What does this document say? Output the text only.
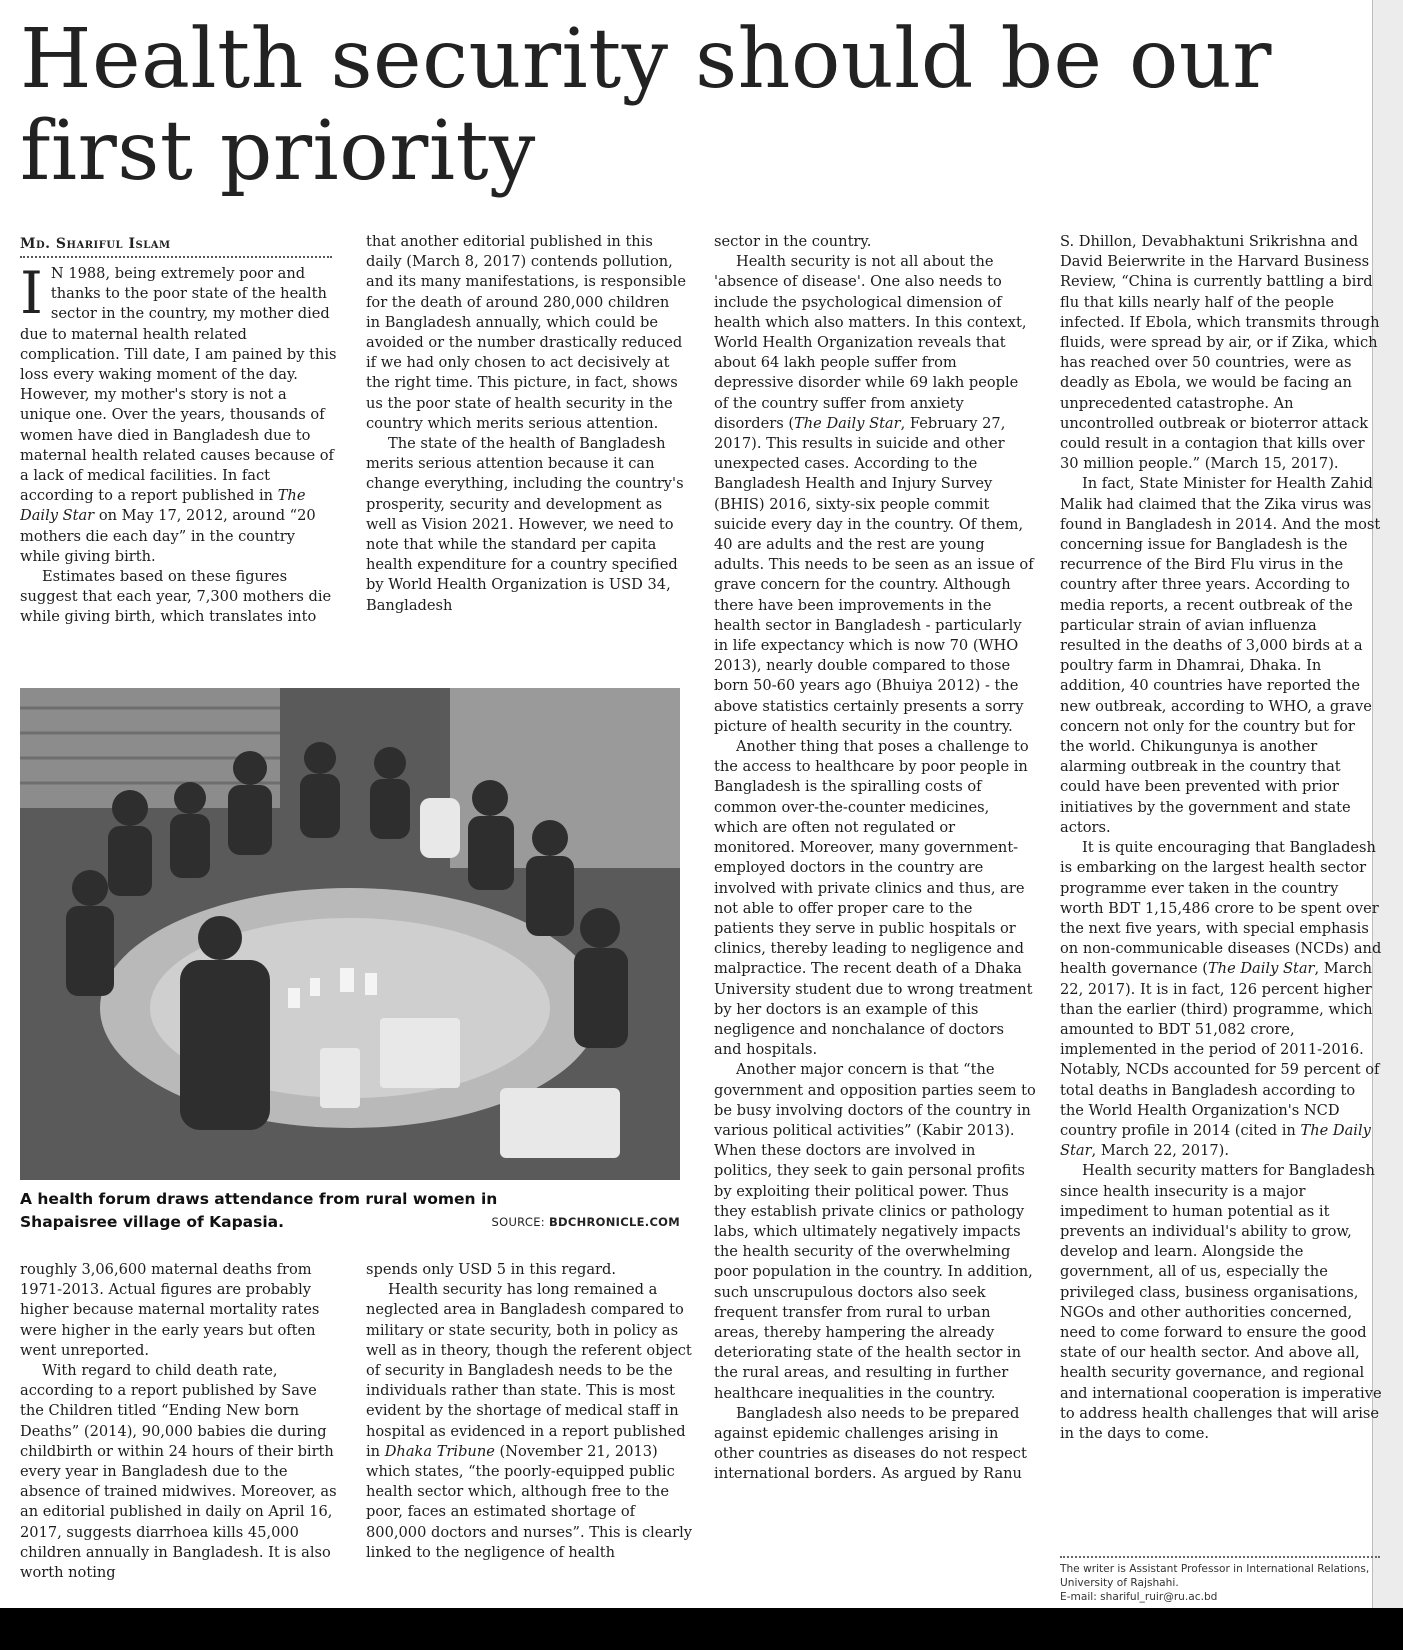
Health security should be our first priority
Md. Shariful Islam

I N 1988, being extremely poor and thanks to the poor state of the health sector in the country, my mother died due to maternal health related complication. Till date, I am pained by this loss every waking moment of the day. However, my mother's story is not a unique one. Over the years, thousands of women have died in Bangladesh due to maternal health related causes because of a lack of medical facilities. In fact according to a report published in The Daily Star on May 17, 2012, around “20 mothers die each day” in the country while giving birth.

Estimates based on these figures suggest that each year, 7,300 mothers die while giving birth, which translates into

that another editorial published in this daily (March 8, 2017) contends pollution, and its many manifestations, is responsible for the death of around 280,000 children in Bangladesh annually, which could be avoided or the number drastically reduced if we had only chosen to act decisively at the right time. This picture, in fact, shows us the poor state of health security in the country which merits serious attention.

The state of the health of Bangladesh merits serious attention because it can change everything, including the country's prosperity, security and development as well as Vision 2021. However, we need to note that while the standard per capita health expenditure for a country specified by World Health Organization is USD 34, Bangladesh

A health forum draws attendance from rural women in Shapaisree village of Kapasia.	SOURCE: BDCHRONICLE.COM

roughly 3,06,600 maternal deaths from 1971-2013. Actual figures are probably higher because maternal mortality rates were higher in the early years but often went unreported.

With regard to child death rate, according to a report published by Save the Children titled “Ending New born Deaths” (2014), 90,000 babies die during childbirth or within 24 hours of their birth every year in Bangladesh due to the absence of trained midwives. Moreover, as an editorial published in daily on April 16, 2017, suggests diarrhoea kills 45,000 children annually in Bangladesh. It is also worth noting

spends only USD 5 in this regard.

Health security has long remained a neglected area in Bangladesh compared to military or state security, both in policy as well as in theory, though the referent object of security in Bangladesh needs to be the individuals rather than state. This is most evident by the shortage of medical staff in hospital as evidenced in a report published in Dhaka Tribune (November 21, 2013) which states, “the poorly-equipped public health sector which, although free to the poor, faces an estimated shortage of 800,000 doctors and nurses”. This is clearly linked to the negligence of health

sector in the country.

Health security is not all about the 'absence of disease'. One also needs to include the psychological dimension of health which also matters. In this context, World Health Organization reveals that about 64 lakh people suffer from depressive disorder while 69 lakh people of the country suffer from anxiety disorders (The Daily Star, February 27, 2017). This results in suicide and other unexpected cases. According to the Bangladesh Health and Injury Survey (BHIS) 2016, sixty-six people commit suicide every day in the country. Of them, 40 are adults and the rest are young adults. This needs to be seen as an issue of grave concern for the country. Although there have been improvements in the health sector in Bangladesh - particularly in life expectancy which is now 70 (WHO 2013), nearly double compared to those born 50-60 years ago (Bhuiya 2012) - the above statistics certainly presents a sorry picture of health security in the country.

Another thing that poses a challenge to the access to healthcare by poor people in Bangladesh is the spiralling costs of common over-the-counter medicines, which are often not regulated or monitored. Moreover, many government-employed doctors in the country are involved with private clinics and thus, are not able to offer proper care to the patients they serve in public hospitals or clinics, thereby leading to negligence and malpractice. The recent death of a Dhaka University student due to wrong treatment by her doctors is an example of this negligence and nonchalance of doctors and hospitals.

Another major concern is that “the government and opposition parties seem to be busy involving doctors of the country in various political activities” (Kabir 2013). When these doctors are involved in politics, they seek to gain personal profits by exploiting their political power. Thus they establish private clinics or pathology labs, which ultimately negatively impacts the health security of the overwhelming poor population in the country. In addition, such unscrupulous doctors also seek frequent transfer from rural to urban areas, thereby hampering the already deteriorating state of the health sector in the rural areas, and resulting in further healthcare inequalities in the country.

Bangladesh also needs to be prepared against epidemic challenges arising in other countries as diseases do not respect international borders. As argued by Ranu

S. Dhillon, Devabhaktuni Srikrishna and David Beierwrite in the Harvard Business Review, “China is currently battling a bird flu that kills nearly half of the people infected. If Ebola, which transmits through fluids, were spread by air, or if Zika, which has reached over 50 countries, were as deadly as Ebola, we would be facing an unprecedented catastrophe. An uncontrolled outbreak or bioterror attack could result in a contagion that kills over 30 million people.” (March 15, 2017).

In fact, State Minister for Health Zahid Malik had claimed that the Zika virus was found in Bangladesh in 2014. And the most concerning issue for Bangladesh is the recurrence of the Bird Flu virus in the country after three years. According to media reports, a recent outbreak of the particular strain of avian influenza resulted in the deaths of 3,000 birds at a poultry farm in Dhamrai, Dhaka. In addition, 40 countries have reported the new outbreak, according to WHO, a grave concern not only for the country but for the world. Chikungunya is another alarming outbreak in the country that could have been prevented with prior initiatives by the government and state actors.

It is quite encouraging that Bangladesh is embarking on the largest health sector programme ever taken in the country worth BDT 1,15,486 crore to be spent over the next five years, with special emphasis on non-communicable diseases (NCDs) and health governance (The Daily Star, March 22, 2017). It is in fact, 126 percent higher than the earlier (third) programme, which amounted to BDT 51,082 crore, implemented in the period of 2011-2016. Notably, NCDs accounted for 59 percent of total deaths in Bangladesh according to the World Health Organization's NCD country profile in 2014 (cited in The Daily Star, March 22, 2017).

Health security matters for Bangladesh since health insecurity is a major impediment to human potential as it prevents an individual's ability to grow, develop and learn. Alongside the government, all of us, especially the privileged class, business organisations, NGOs and other authorities concerned, need to come forward to ensure the good state of our health sector. And above all, health security governance, and regional and international cooperation is imperative to address health challenges that will arise in the days to come.

The writer is Assistant Professor in International Relations, University of Rajshahi.
E-mail: shariful_ruir@ru.ac.bd
